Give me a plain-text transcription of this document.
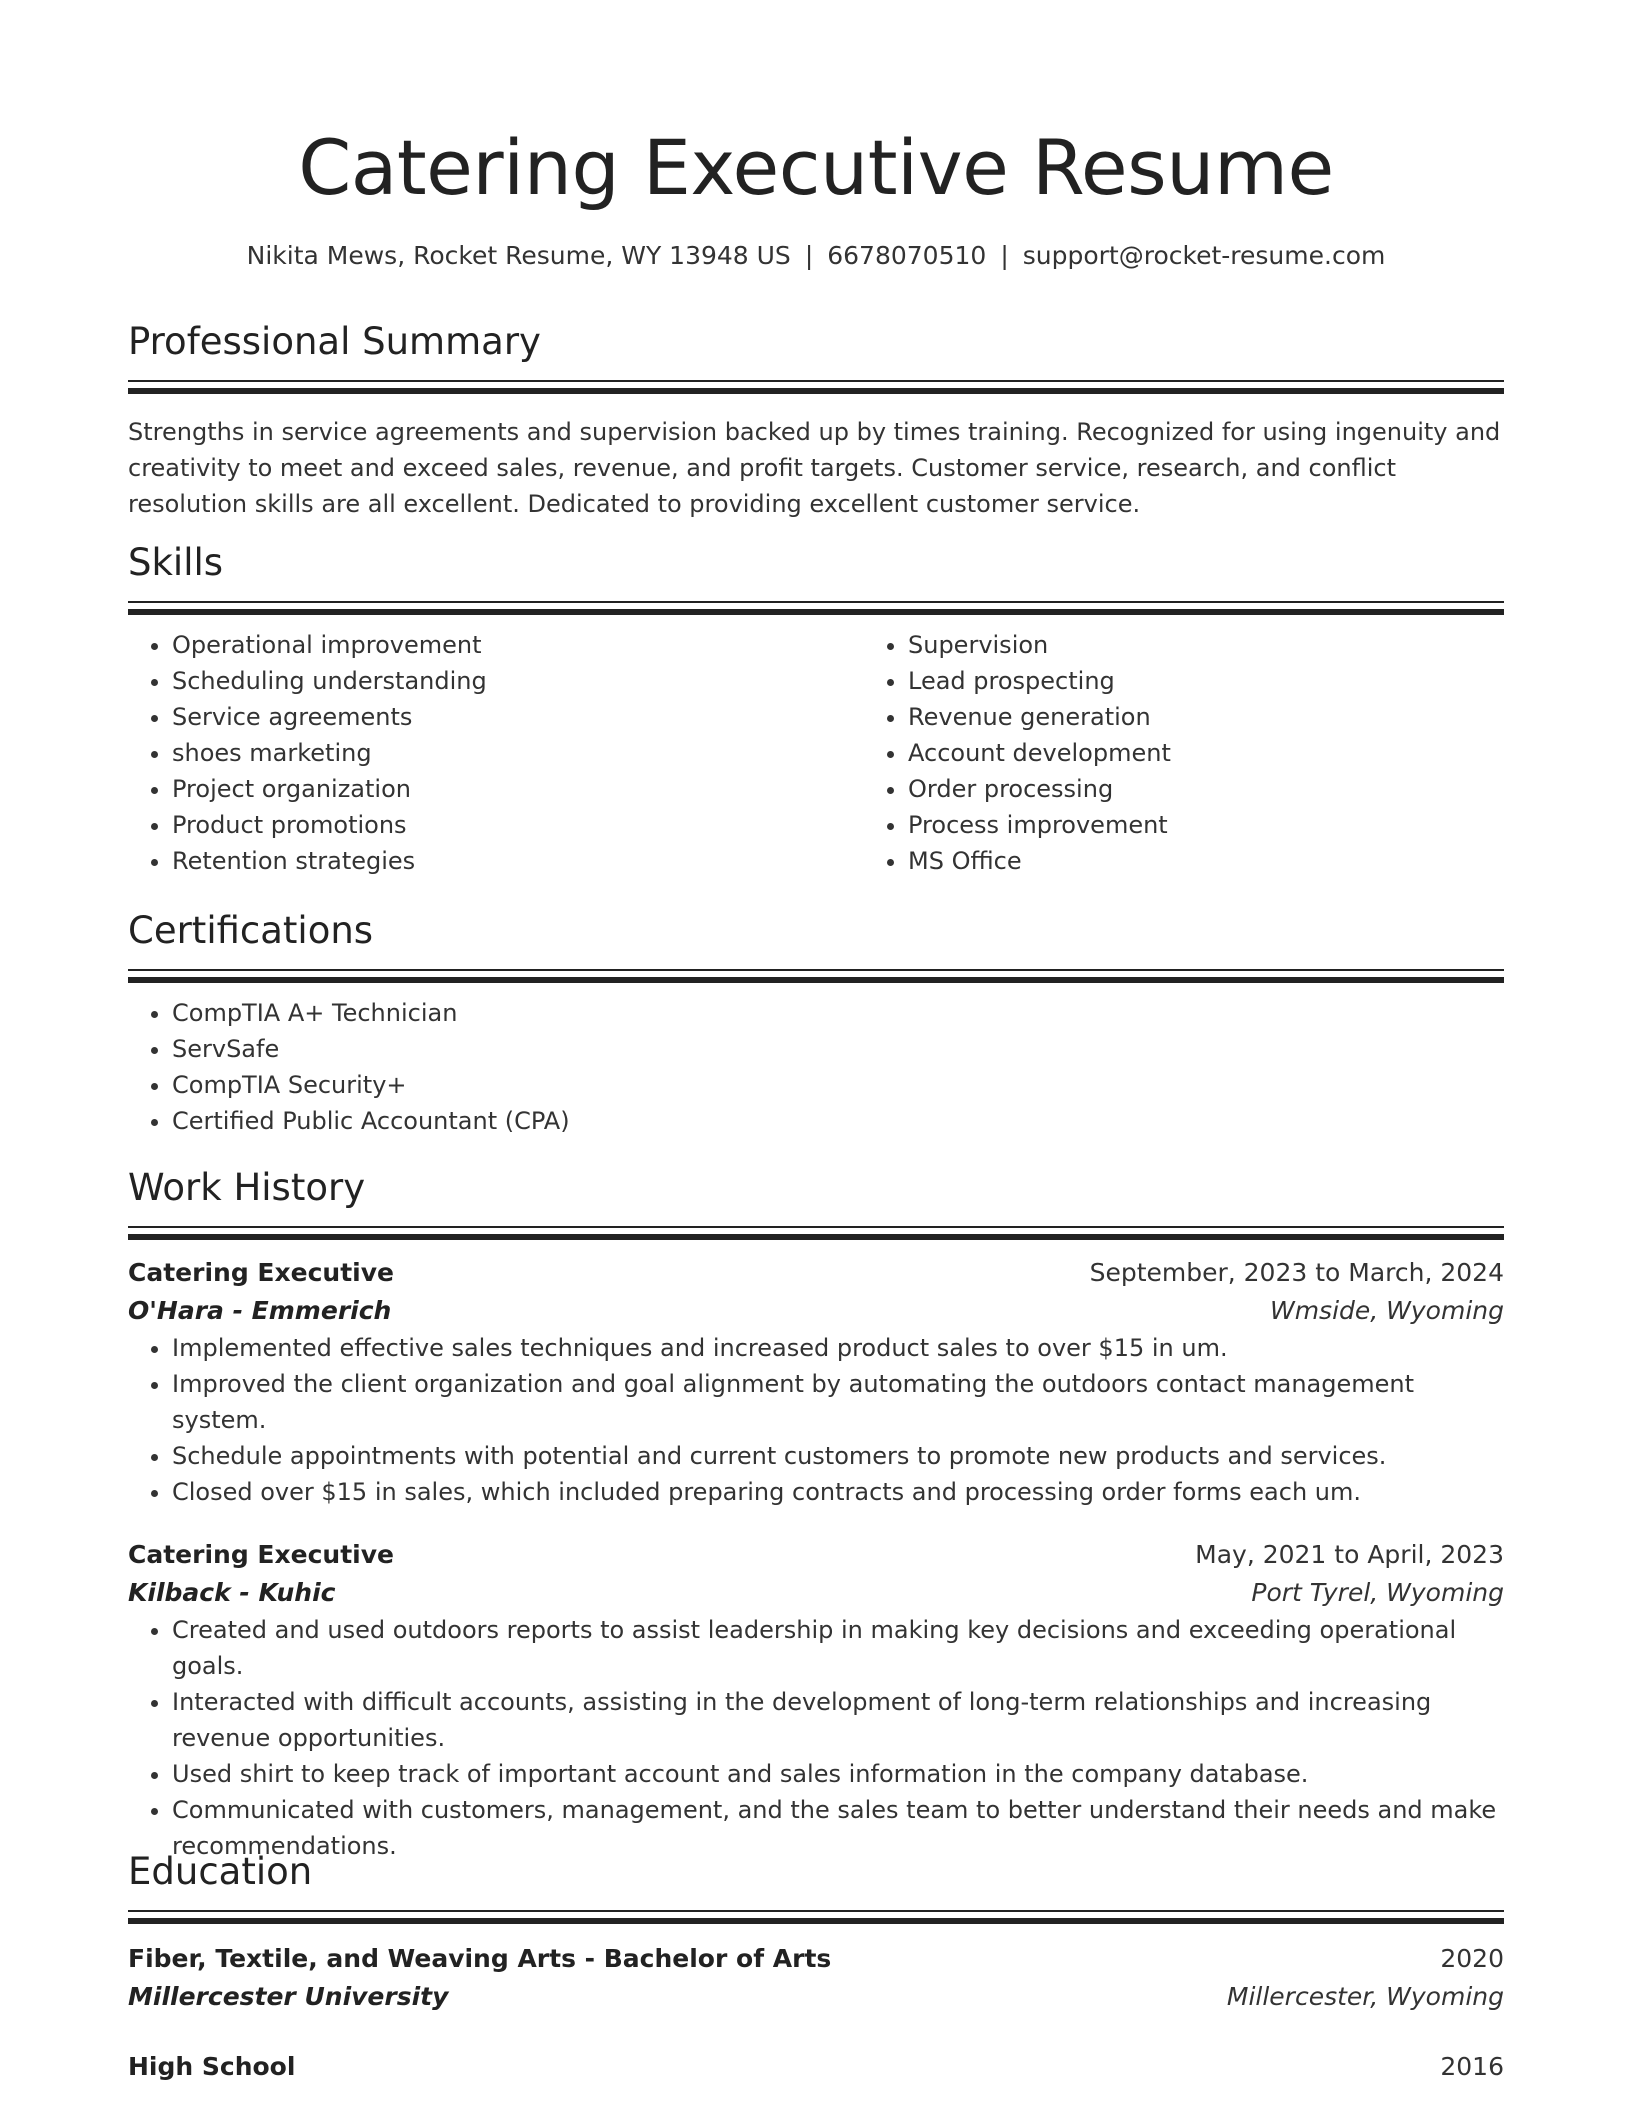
Catering Executive Resume
Nikita Mews, Rocket Resume, WY 13948 US | 6678070510 | support@rocket-resume.com
Professional Summary

Strengths in service agreements and supervision backed up by times training. Recognized for using ingenuity and creativity to meet and exceed sales, revenue, and profit targets. Customer service, research, and conflict resolution skills are all excellent. Dedicated to providing excellent customer service.

Skills
• Operational improvement
• Scheduling understanding
• Service agreements
• shoes marketing
• Project organization
• Product promotions
• Retention strategies
• Supervision
• Lead prospecting
• Revenue generation
• Account development
• Order processing
• Process improvement
• MS Office
Certifications
• CompTIA A+ Technician
• ServSafe
• CompTIA Security+
• Certified Public Accountant (CPA)
Work History
Catering Executive	September, 2023 to March, 2024
O'Hara - Emmerich	Wmside, Wyoming
• Implemented effective sales techniques and increased product sales to over $15 in um.
• Improved the client organization and goal alignment by automating the outdoors contact management system.
• Schedule appointments with potential and current customers to promote new products and services.
• Closed over $15 in sales, which included preparing contracts and processing order forms each um.
Catering Executive	May, 2021 to April, 2023
Kilback - Kuhic	Port Tyrel, Wyoming
• Created and used outdoors reports to assist leadership in making key decisions and exceeding operational goals.
• Interacted with difficult accounts, assisting in the development of long-term relationships and increasing revenue opportunities.
• Used shirt to keep track of important account and sales information in the company database.
• Communicated with customers, management, and the sales team to better understand their needs and make recommendations.
Education
Fiber, Textile, and Weaving Arts - Bachelor of Arts	2020
Millercester University	Millercester, Wyoming
High School	2016
